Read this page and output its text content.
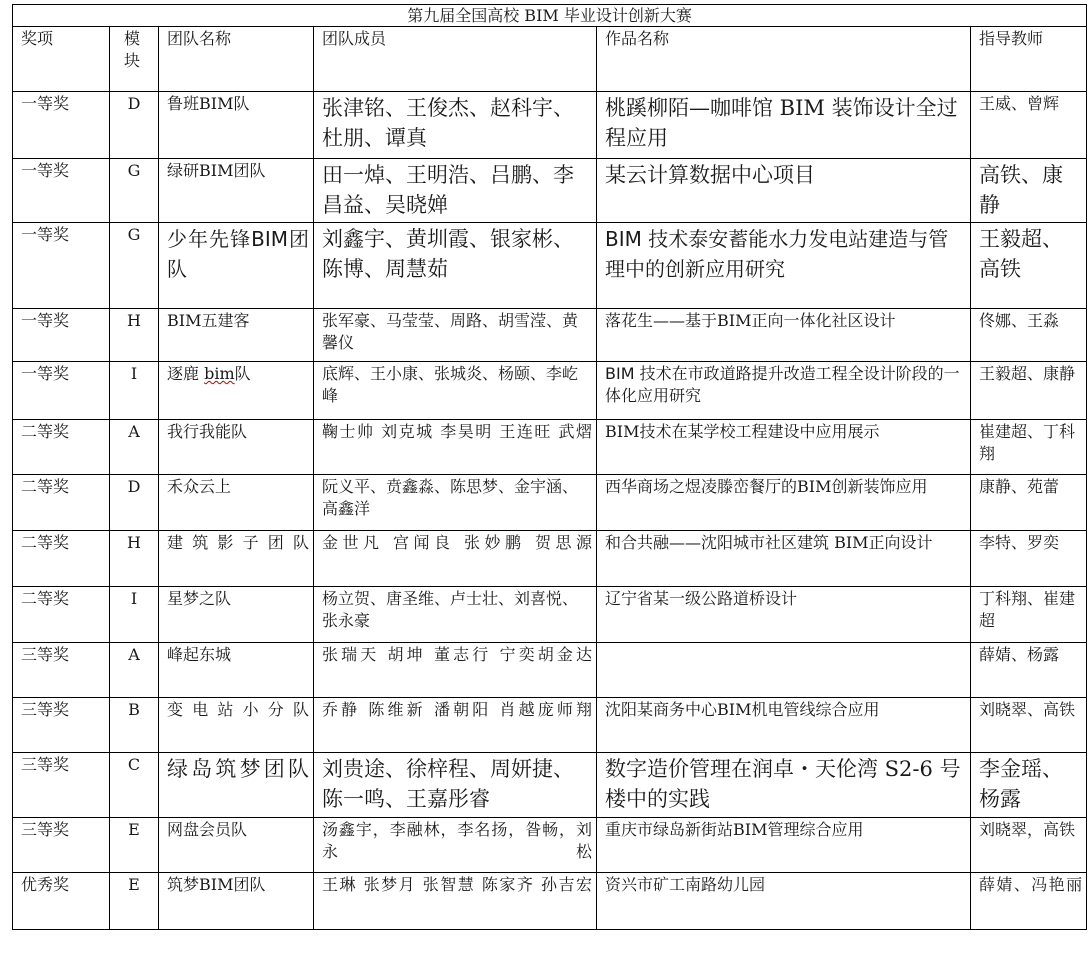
第九届全国高校 BIM 毕业设计创新大赛					
奖项	模块	团队名称	团队成员	作品名称	指导教师
一等奖	D	鲁班BIM队	张津铭、王俊杰、赵科宇、杜朋、谭真	桃蹊柳陌—咖啡馆 BIM 装饰设计全过程应用	王威、曾辉
一等奖	G	绿研BIM团队	田一焯、王明浩、吕鹏、李昌益、吴晓婵	某云计算数据中心项目	高铁、康静
一等奖	G	少年先锋BIM团队	刘鑫宇、黄圳霞、银家彬、陈博、周慧茹	BIM 技术泰安蓄能水力发电站建造与管理中的创新应用研究	王毅超、高铁
一等奖	H	BIM五建客	张军豪、马莹莹、周路、胡雪滢、黄馨仪	落花生——基于BIM正向一体化社区设计	佟娜、王淼
一等奖	I	逐鹿 bim队	底辉、王小康、张城炎、杨颐、李屹峰	BIM 技术在市政道路提升改造工程全设计阶段的一体化应用研究	王毅超、康静
二等奖	A	我行我能队	鞠士帅 刘克城 李昊明 王连旺 武熠	BIM技术在某学校工程建设中应用展示	崔建超、丁科翔
二等奖	D	禾众云上	阮义平、贲鑫淼、陈思梦、金宇涵、高鑫洋	西华商场之煜凌滕峦餐厅的BIM创新装饰应用	康静、苑蕾
二等奖	H	建筑影子团队	金世凡 宫闻良 张妙鹏 贺思源	和合共融——沈阳城市社区建筑 BIM正向设计	李特、罗奕
二等奖	I	星梦之队	杨立贺、唐圣维、卢士壮、刘喜悦、张永豪	辽宁省某一级公路道桥设计	丁科翔、崔建超
三等奖	A	峰起东城	张瑞天 胡坤 董志行 宁奕胡金达		薛婧、杨露
三等奖	B	变电站小分队	乔静 陈维新 潘朝阳 肖越庞师翔	沈阳某商务中心BIM机电管线综合应用	刘晓翠、高铁
三等奖	C	绿岛筑梦团队	刘贵途、徐梓程、周妍捷、陈一鸣、王嘉彤睿	数字造价管理在润卓・天伦湾 S2-6 号楼中的实践	李金瑶、杨露
三等奖	E	网盘会员队	汤鑫宇，李融林，李名扬，昝畅，刘永松	重庆市绿岛新街站BIM管理综合应用	刘晓翠，高铁
优秀奖	E	筑梦BIM团队	王琳 张梦月 张智慧 陈家齐 孙吉宏	资兴市矿工南路幼儿园	薛婧、冯艳丽
